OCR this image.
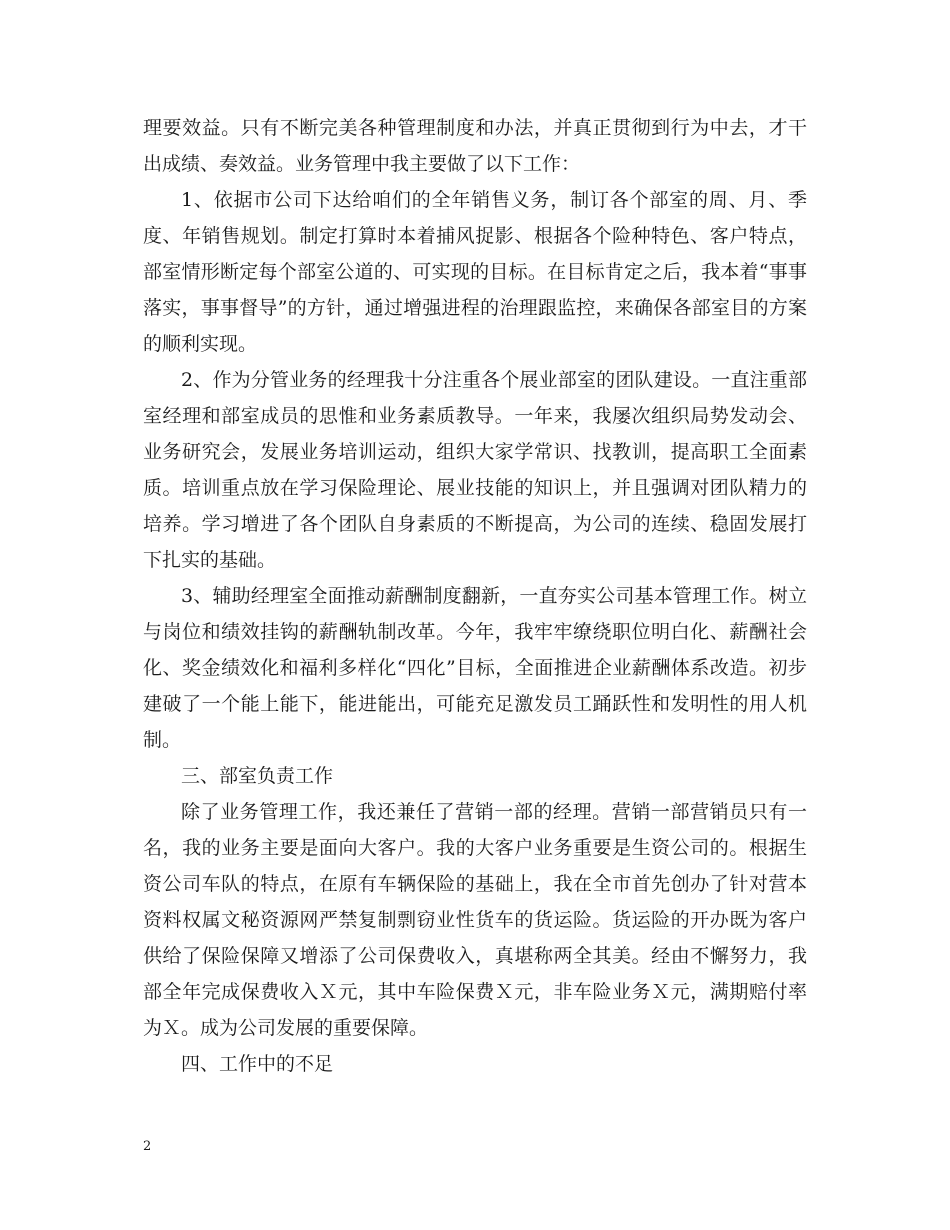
理要效益。只有不断完美各种管理制度和办法，并真正贯彻到行为中去，才干出成绩、奏效益。业务管理中我主要做了以下工作：

1、依据市公司下达给咱们的全年销售义务，制订各个部室的周、月、季度、年销售规划。制定打算时本着捕风捉影、根据各个险种特色、客户特点，部室情形断定每个部室公道的、可实现的目标。在目标肯定之后，我本着“事事落实，事事督导”的方针，通过增强进程的治理跟监控，来确保各部室目的方案的顺利实现。

2、作为分管业务的经理我十分注重各个展业部室的团队建设。一直注重部室经理和部室成员的思惟和业务素质教导。一年来，我屡次组织局势发动会、业务研究会，发展业务培训运动，组织大家学常识、找教训，提高职工全面素质。培训重点放在学习保险理论、展业技能的知识上，并且强调对团队精力的培养。学习增进了各个团队自身素质的不断提高，为公司的连续、稳固发展打下扎实的基础。

3、辅助经理室全面推动薪酬制度翻新，一直夯实公司基本管理工作。树立与岗位和绩效挂钩的薪酬轨制改革。今年，我牢牢缭绕职位明白化、薪酬社会化、奖金绩效化和福利多样化“四化”目标，全面推进企业薪酬体系改造。初步建破了一个能上能下，能进能出，可能充足激发员工踊跃性和发明性的用人机制。

三、部室负责工作

除了业务管理工作，我还兼任了营销一部的经理。营销一部营销员只有一名，我的业务主要是面向大客户。我的大客户业务重要是生资公司的。根据生资公司车队的特点，在原有车辆保险的基础上，我在全市首先创办了针对营本资料权属文秘资源网严禁复制剽窃业性货车的货运险。货运险的开办既为客户供给了保险保障又增添了公司保费收入，真堪称两全其美。经由不懈努力，我部全年完成保费收入Ｘ元，其中车险保费Ｘ元，非车险业务Ｘ元，满期赔付率为Ｘ。成为公司发展的重要保障。

四、工作中的不足

2
